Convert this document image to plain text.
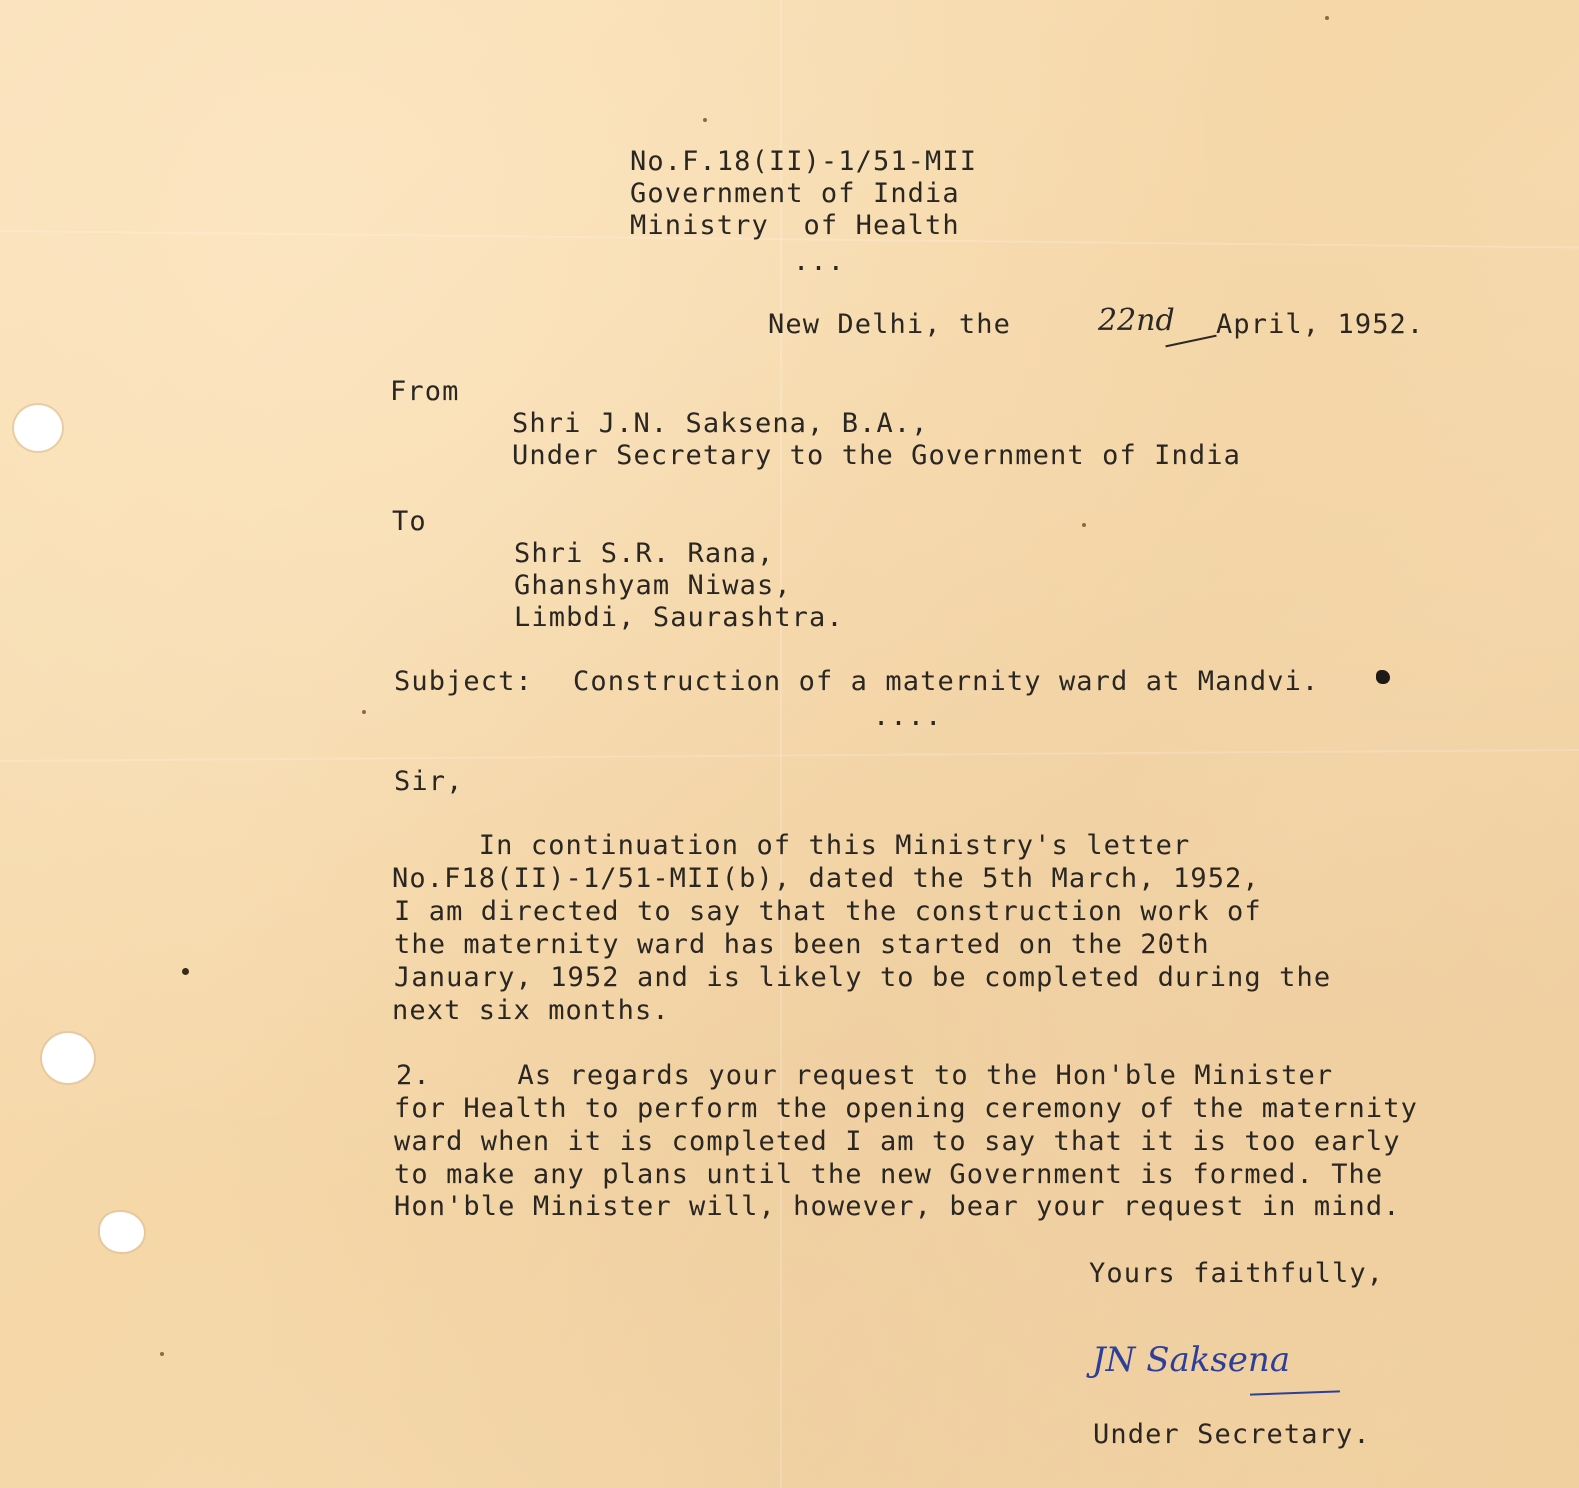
No.F.18(II)-1/51-MII
Government of India
Ministry  of Health
...
New Delhi, the	22nd April, 1952.
From
Shri J.N. Saksena, B.A.,
Under Secretary to the Government of India
To
Shri S.R. Rana,
Ghanshyam Niwas,
Limbdi, Saurashtra.
Subject: Construction of a maternity ward at Mandvi.
....
Sir,
In continuation of this Ministry's letter
No.F18(II)-1/51-MII(b), dated the 5th March, 1952,
I am directed to say that the construction work of
the maternity ward has been started on the 20th
January, 1952 and is likely to be completed during the
next six months.
2.     As regards your request to the Hon'ble Minister
for Health to perform the opening ceremony of the maternity
ward when it is completed I am to say that it is too early
to make any plans until the new Government is formed. The
Hon'ble Minister will, however, bear your request in mind.
Yours faithfully,
JN Saksena
Under Secretary.
